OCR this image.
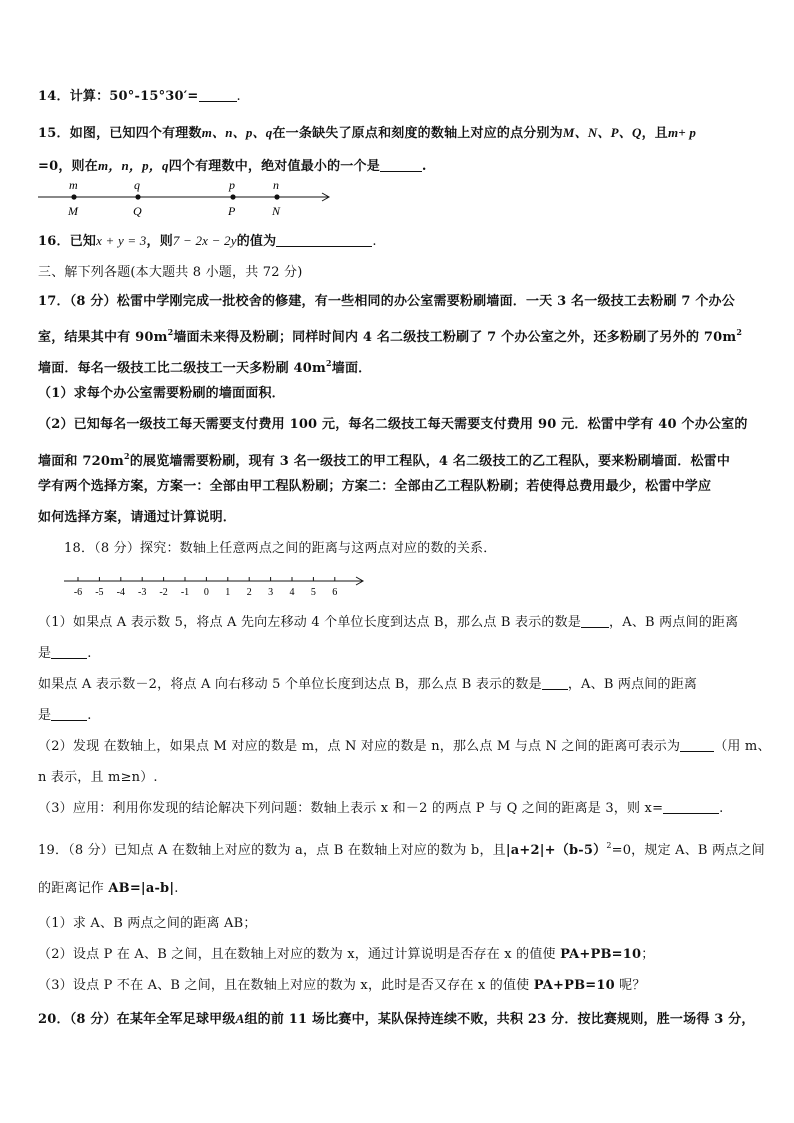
14．计算：50°-15°30′=	.
15．如图，已知四个有理数m、n、p、q在一条缺失了原点和刻度的数轴上对应的点分别为M、N、P、Q，且m+ p
=0，则在m，n，p，q四个有理数中，绝对值最小的一个是	.
m	q	p	n
M	Q	P	N
16．已知x + y = 3，则7 − 2x − 2y的值为	.
三、解下列各题(本大题共 8 小题，共 72 分)
17．（8 分）松雷中学刚完成一批校舍的修建，有一些相同的办公室需要粉刷墙面．一天 3 名一级技工去粉刷 7 个办公
室，结果其中有 $90m^2$墙面未来得及粉刷；同样时间内 4 名二级技工粉刷了 7 个办公室之外，还多粉刷了另外的 $70m^2$
墙面．每名一级技工比二级技工一天多粉刷 $40m^2$墙面．
（1）求每个办公室需要粉刷的墙面面积．
（2）已知每名一级技工每天需要支付费用 100 元，每名二级技工每天需要支付费用 90 元．松雷中学有 40 个办公室的
墙面和 $720m^2$的展览墙需要粉刷，现有 3 名一级技工的甲工程队，4 名二级技工的乙工程队，要来粉刷墙面．松雷中
学有两个选择方案，方案一：全部由甲工程队粉刷；方案二：全部由乙工程队粉刷；若使得总费用最少，松雷中学应
如何选择方案，请通过计算说明．
18．（8 分）探究：数轴上任意两点之间的距离与这两点对应的数的关系．
-6 -5 -4 -3 -2 -1 0 1 2 3 4 5 6
（1）如果点 A 表示数 5，将点 A 先向左移动 4 个单位长度到达点 B，那么点 B 表示的数是 ，A、B 两点间的距离
是	.
如果点 A 表示数－2，将点 A 向右移动 5 个单位长度到达点 B，那么点 B 表示的数是 ，A、B 两点间的距离
是	.
（2）发现 在数轴上，如果点 M 对应的数是 m，点 N 对应的数是 n，那么点 M 与点 N 之间的距离可表示为	（用 m、
n 表示，且 m≥n）.
（3）应用：利用你发现的结论解决下列问题：数轴上表示 x 和－2 的两点 P 与 Q 之间的距离是 3，则 x=	.
19．（8 分）已知点 A 在数轴上对应的数为 a，点 B 在数轴上对应的数为 b，且$|a+2|+(b-5)^2=0$，规定 A、B 两点之间
的距离记作 AB=|a-b|.
（1）求 A、B 两点之间的距离 AB；
（2）设点 P 在 A、B 之间，且在数轴上对应的数为 x，通过计算说明是否存在 x 的值使 PA+PB=10；
（3）设点 P 不在 A、B 之间，且在数轴上对应的数为 x，此时是否又存在 x 的值使 PA+PB=10 呢？
20．（8 分）在某年全军足球甲级A组的前 11 场比赛中，某队保持连续不败，共积 23 分．按比赛规则，胜一场得 3 分，
